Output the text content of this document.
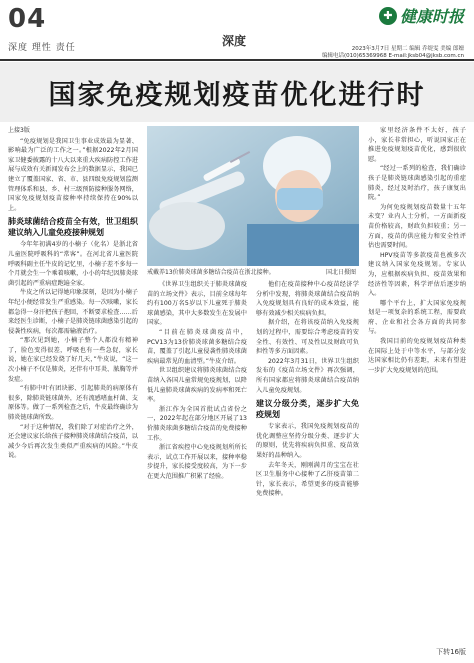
04
深度 理性 责任	深度
✚ 健康时报
2023年3月7日 星期二 编辑 乔缇雯 美编 郎嬗
编辑电话(010)65369968 E-mail:jksb04@jksb.com.cn
国家免疫规划疫苗优化进行时
上接3版

“免疫规划是我国卫生事业成效最为显著、影响最为广泛的工作之一。”根据2022年2月国家卫健委披露的十八大以来重大疾病防控工作进展与成效有关新闻发布会上的数据显示，我国已建立了覆盖国家、省、市、县四级免疫规划监测管理体系和县、乡、村三级预防接种服务网络，国家免疫规划疫苗接种率持续保持在90%以上。

肺炎球菌结合疫苗全有效，世卫组织建议纳入儿童免疫接种规划

今年年初满4岁的小楠子（化名）是浙北省儿童医院呼吸科的“常客”。在河北省儿童医院呼吸科副主任牛皮的记忆里，小楠子差不多每一个月就会生一个乘着咳嗽，小小的年纪因肺炎球菌引起的严重病症跑遍全家。

牛皮之所以记得她印象深刻，是因为小楠子年纪小便经常发生严重感染。每一次咳嗽，家长都急得一身汗把孩子抱回，不断要求检查……后来经医生诊断，小楠子是肺炎链球菌感染引起的侵袭性疾病，每次都需输液治疗。

“那次见到她，小楠子整个人都没有精神了，脸色变得很差，呼吸也有一些急促，家长说，她在家已经发烧了好几天，”牛皮说，“这一次小楠子不仅是肺炎，还伴有中耳炎、脓胸等并发症。

“有肺中叶有团块影、引起肺炎的病原体有很多，除肺炎链球菌外，还有流感嗜血杆菌、支原体等。做了一系列检查之后，牛皮最终确诊为肺炎链球菌所致。

“对于这种情况，我们除了对症治疗之外，还会建议家长给孩子接种肺炎球菌结合疫苗，以减少今后再次发生类似严重疾病的风险。”牛皮说。

戒戴养13价肺炎球菌多糖结合疫苗在浙北接种。	国北日摄图

《世界卫生组织关于肺炎球菌疫苗的立场文件》表示，目前全球每年约有100万名5岁以下儿童死于肺炎球菌感染，其中大多数发生在发展中国家。

“目前在肺炎球菌疫苗中，PCV13为13价肺炎球菌多糖结合疫苗，覆盖了引起儿童侵袭性肺炎球菌疾病最常见的血清型。”牛皮介绍。

世卫组织建议将肺炎球菌结合疫苗纳入各国儿童常规免疫规划，以降低儿童肺炎球菌疾病的发病率和死亡率。

浙江作为全国首批试点省份之一，2022年起在部分地区开展了13价肺炎球菌多糖结合疫苗的免费接种工作。

浙江省疾控中心免疫规划所所长表示，试点工作开展以来，接种率稳步提升，家长接受度较高，为下一步在更大范围推广积累了经验。

他们在疫苗接种中心疫苗经济学分析中发现，将肺炎球菌结合疫苗纳入免疫规划具有良好的成本效益，能够有效减少相关疾病负担。

据介绍，在将该疫苗纳入免疫规划的过程中，需要综合考虑疫苗的安全性、有效性、可及性以及财政可负担性等多方面因素。

2022年3月31日，世界卫生组织发布的《疫苗立场文件》再次强调，所有国家都应将肺炎球菌结合疫苗纳入儿童免疫规划。

建议分级分类，逐步扩大免疫规划

专家表示，我国免疫规划疫苗的优化调整应坚持分级分类、逐步扩大的原则，优先将疾病负担重、疫苗效果好的品种纳入。

去年冬天，刚刚满月的宝宝在社区卫生服务中心接种了乙肝疫苗第二针，家长表示，希望更多的疫苗能够免费接种。

家里经济条件不太好，孩子小，家长非常担心，听说国家正在推进免疫规划疫苗优化，感到很欣慰。

“经过一系列的检查，我们确诊孩子是肺炎链球菌感染引起的重症肺炎，经过及时治疗，孩子康复出院。”

为何免疫规划疫苗数量十五年未变？业内人士分析，一方面新疫苗价格较高，财政负担较重；另一方面，疫苗的供应能力和安全性评估也需要时间。

HPV疫苗等多款疫苗也被多次建议纳入国家免疫规划。专家认为，应根据疾病负担、疫苗效果和经济性等因素，科学评估后逐步纳入。

哪个平台上，扩大国家免疫规划是一项复杂的系统工程，需要政府、企业和社会各方面的共同参与。

我国目前的免疫规划疫苗种类在国际上处于中等水平，与部分发达国家相比仍有差距，未来有望进一步扩大免疫规划的范围。

下转16版
